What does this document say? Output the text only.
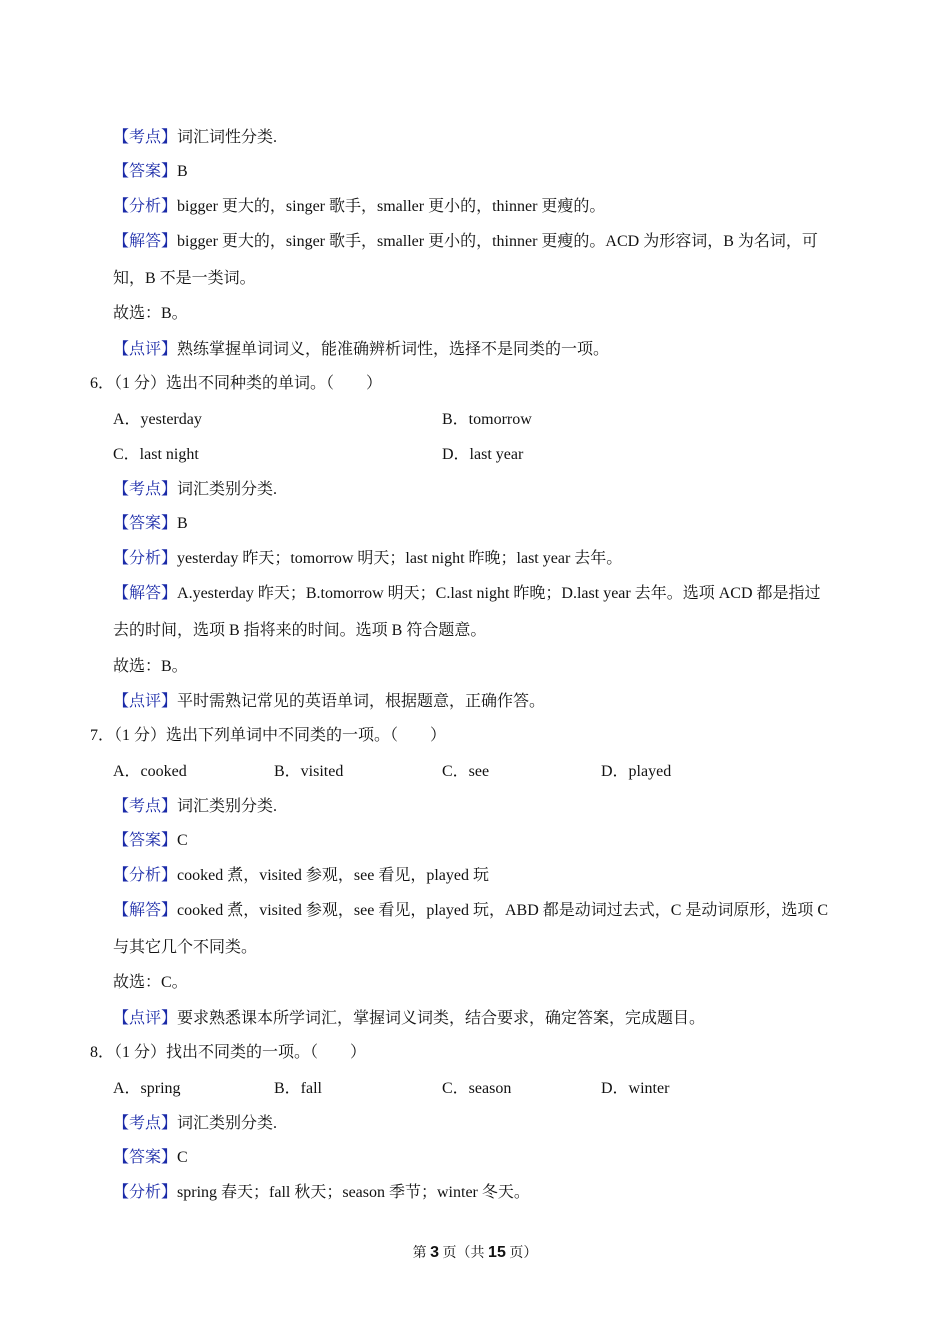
【考点】词汇词性分类.
【答案】B
【分析】bigger 更大的，singer 歌手，smaller 更小的，thinner 更瘦的。
【解答】bigger 更大的，singer 歌手，smaller 更小的，thinner 更瘦的。ACD 为形容词，B 为名词，可
知，B 不是一类词。
故选：B。
【点评】熟练掌握单词词义，能准确辨析词性，选择不是同类的一项。
6．（1 分）选出不同种类的单词。（　　）
A．yesterday	B．tomorrow
C．last night	D．last year
【考点】词汇类别分类.
【答案】B
【分析】yesterday 昨天；tomorrow 明天；last night 昨晚；last year 去年。
【解答】A.yesterday 昨天；B.tomorrow 明天；C.last night 昨晚；D.last year 去年。选项 ACD 都是指过
去的时间，选项 B 指将来的时间。选项 B 符合题意。
故选：B。
【点评】平时需熟记常见的英语单词，根据题意，正确作答。
7．（1 分）选出下列单词中不同类的一项。（　　）
A．cooked	B．visited	C．see	D．played
【考点】词汇类别分类.
【答案】C
【分析】cooked 煮，visited 参观，see 看见，played 玩
【解答】cooked 煮，visited 参观，see 看见，played 玩，ABD 都是动词过去式，C 是动词原形，选项 C
与其它几个不同类。
故选：C。
【点评】要求熟悉课本所学词汇，掌握词义词类，结合要求，确定答案，完成题目。
8．（1 分）找出不同类的一项。（　　）
A．spring	B．fall	C．season	D．winter
【考点】词汇类别分类.
【答案】C
【分析】spring 春天；fall 秋天；season 季节；winter 冬天。
第 3 页（共 15 页）
